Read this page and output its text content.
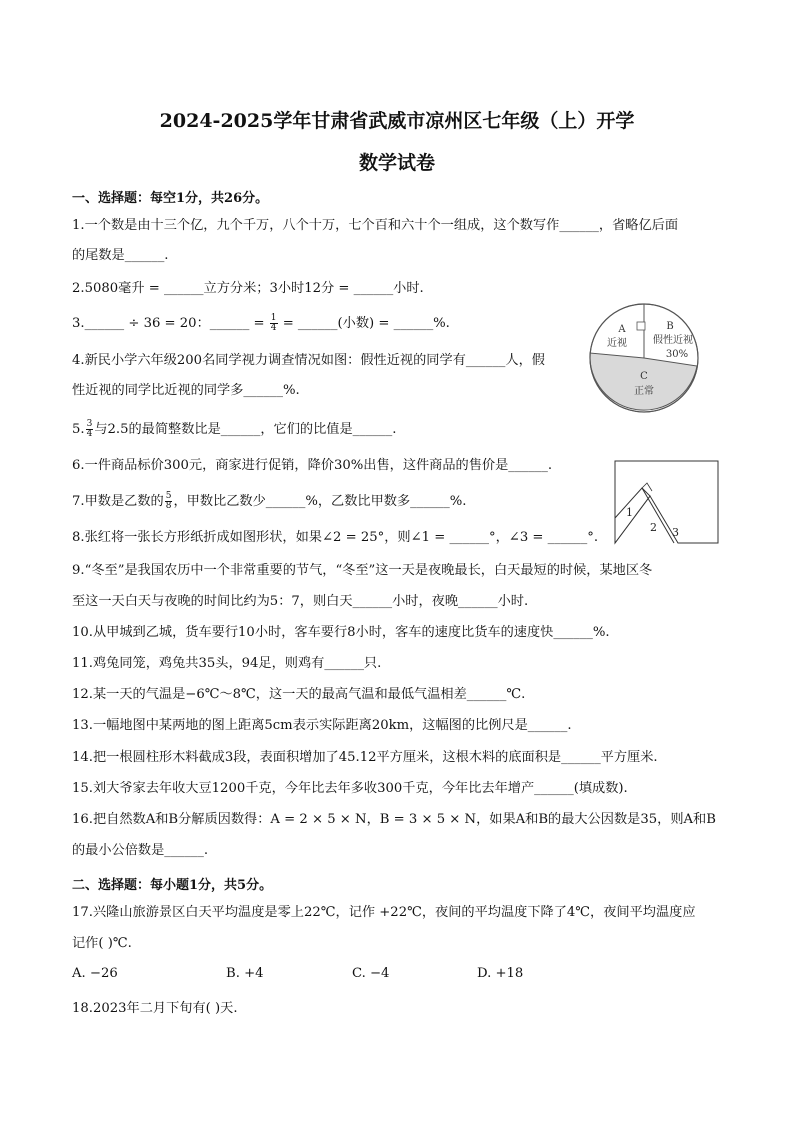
2024-2025学年甘肃省武威市凉州区七年级（上）开学
数学试卷
一、选择题：每空1分，共26分。
1.一个数是由十三个亿，九个千万，八个十万，七个百和六十个一组成，这个数写作______，省略亿后面
的尾数是______.
2.5080毫升 = ______立方分米；3小时12分 = ______小时.
3.______ ÷ 36 = 20：______ = $\frac{1}{4}$ = ______(小数) = ______%.
4.新民小学六年级200名同学视力调查情况如图：假性近视的同学有______人，假
性近视的同学比近视的同学多______%.
5. $\frac{3}{4}$ 与2.5的最简整数比是______，它们的比值是______.
6.一件商品标价300元，商家进行促销，降价30%出售，这件商品的售价是______.
7.甲数是乙数的 $\frac{5}{8}$ ，甲数比乙数少______%，乙数比甲数多______%.
8.张红将一张长方形纸折成如图形状，如果∠2 = 25°，则∠1 = ______°，∠3 = ______°.
9.“冬至”是我国农历中一个非常重要的节气，“冬至”这一天是夜晚最长，白天最短的时候，某地区冬
至这一天白天与夜晚的时间比约为5：7，则白天______小时，夜晚______小时.
10.从甲城到乙城，货车要行10小时，客车要行8小时，客车的速度比货车的速度快______%.
11.鸡兔同笼，鸡兔共35头，94足，则鸡有______只.
12.某一天的气温是−6℃～8℃，这一天的最高气温和最低气温相差______℃.
13.一幅地图中某两地的图上距离5cm表示实际距离20km，这幅图的比例尺是______.
14.把一根圆柱形木料截成3段，表面积增加了45.12平方厘米，这根木料的底面积是______平方厘米.
15.刘大爷家去年收大豆1200千克，今年比去年多收300千克，今年比去年增产______(填成数).
16.把自然数A和B分解质因数得：A = 2 × 5 × N，B = 3 × 5 × N，如果A和B的最大公因数是35，则A和B
的最小公倍数是______.
二、选择题：每小题1分，共5分。
17.兴隆山旅游景区白天平均温度是零上22℃，记作 +22℃，夜间的平均温度下降了4℃，夜间平均温度应
记作( )℃.
A. −26	B. +4	C. −4	D. +18
18.2023年二月下旬有( )天.
A
近视
B
假性近视
30%
C
正常
1
2 3
